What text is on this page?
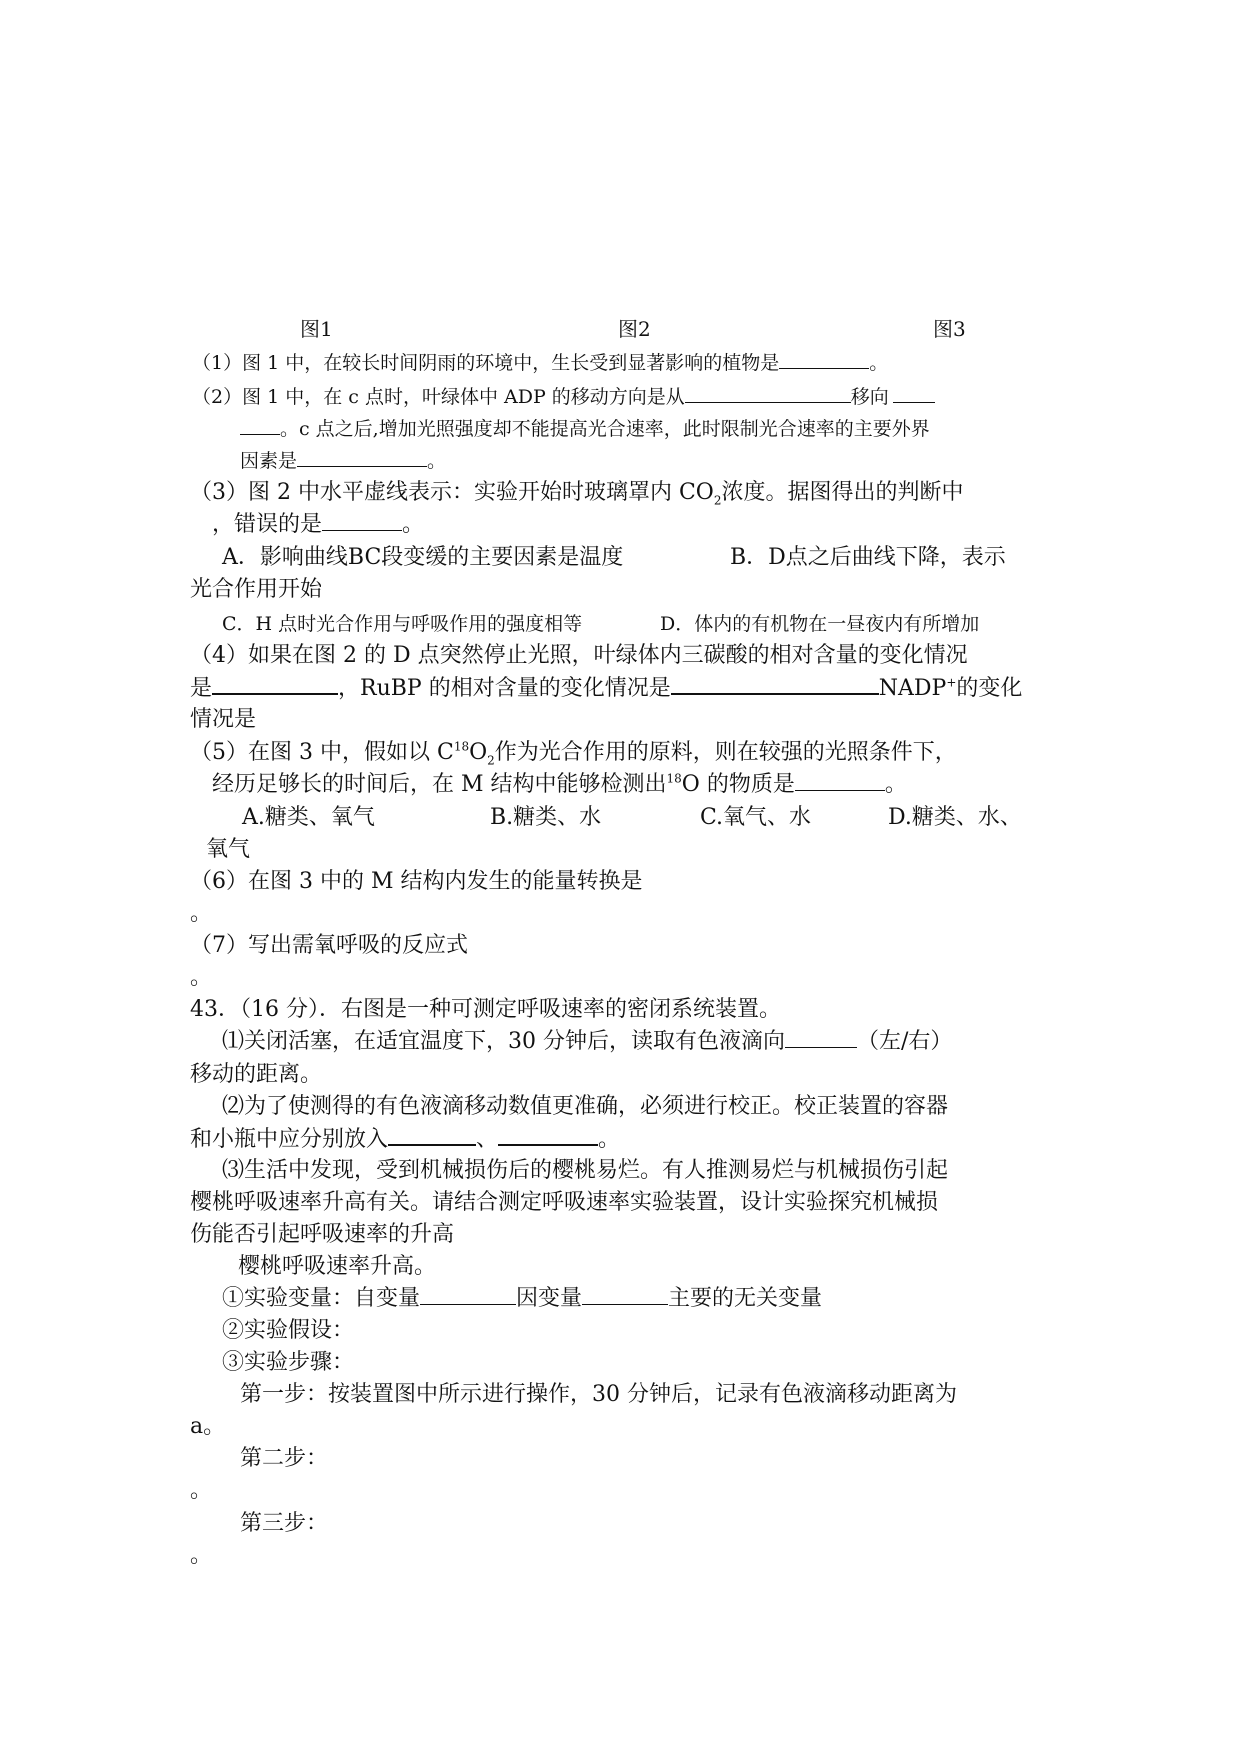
图1	图2	图3
（1）图 1 中，在较长时间阴雨的环境中，生长受到显著影响的植物是	。
（2）图 1 中，在 c 点时，叶绿体中 ADP 的移动方向是从	移向
。c 点之后,增加光照强度却不能提高光合速率，此时限制光合速率的主要外界
因素是	。
（3）图 2 中水平虚线表示：实验开始时玻璃罩内 $CO_2$浓度。据图得出的判断中
，错误的是	。
A．影响曲线BC段变缓的主要因素是温度	B．D点之后曲线下降，表示
光合作用开始
C．H 点时光合作用与呼吸作用的强度相等	D．体内的有机物在一昼夜内有所增加
（4）如果在图 2 的 D 点突然停止光照，叶绿体内三碳酸的相对含量的变化情况
是	，RuBP 的相对含量的变化情况是	NADP+的变化
情况是
（5）在图 3 中，假如以 $C^{18}O_2$作为光合作用的原料，则在较强的光照条件下，
经历足够长的时间后，在 M 结构中能够检测出$^{18}$O 的物质是	。
A.糖类、氧气	B.糖类、水	C.氧气、水	D.糖类、水、
氧气
（6）在图 3 中的 M 结构内发生的能量转换是
。
（7）写出需氧呼吸的反应式
。
43．（16 分）．右图是一种可测定呼吸速率的密闭系统装置。
⑴关闭活塞，在适宜温度下，30 分钟后，读取有色液滴向	（左/右）
移动的距离。
⑵为了使测得的有色液滴移动数值更准确，必须进行校正。校正装置的容器
和小瓶中应分别放入	、	。
⑶生活中发现，受到机械损伤后的樱桃易烂。有人推测易烂与机械损伤引起
樱桃呼吸速率升高有关。请结合测定呼吸速率实验装置，设计实验探究机械损
伤能否引起呼吸速率的升高
樱桃呼吸速率升高。
①实验变量：自变量	因变量	主要的无关变量
②实验假设：
③实验步骤：
第一步：按装置图中所示进行操作，30 分钟后，记录有色液滴移动距离为
a。
第二步：
。
第三步：
。
